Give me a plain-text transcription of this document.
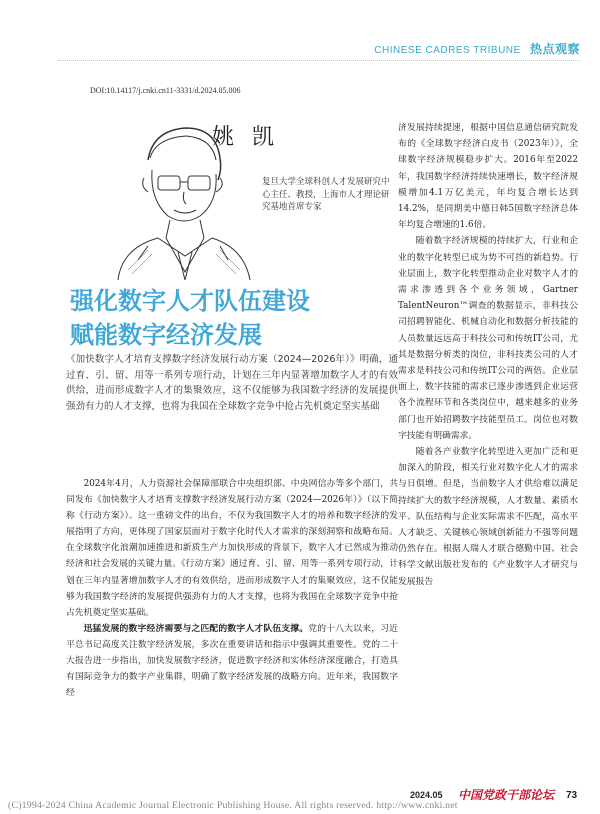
CHINESE CADRES TRIBUNE 热点观察
DOI:10.14117/j.cnki.cn11-3331/d.2024.05.006
姚凯
复旦大学全球科创人才发展研究中心主任、教授，上海市人才理论研究基地首席专家
强化数字人才队伍建设
赋能数字经济发展
《加快数字人才培育支撑数字经济发展行动方案（2024—2026年）》明确，通过育、引、留、用等一系列专项行动，计划在三年内显著增加数字人才的有效供给，进而形成数字人才的集聚效应，这不仅能够为我国数字经济的发展提供强劲有力的人才支撑，也将为我国在全球数字竞争中抢占先机奠定坚实基础

2024年4月，人力资源社会保障部联合中央组织部、中央网信办等多个部门，共同发布《加快数字人才培育支撑数字经济发展行动方案（2024—2026年）》（以下简称《行动方案》）。这一重磅文件的出台，不仅为我国数字人才的培养和数字经济的发展指明了方向，更体现了国家层面对于数字化时代人才需求的深刻洞察和战略布局。在全球数字化浪潮加速推进和新质生产力加快形成的背景下，数字人才已然成为推动经济和社会发展的关键力量。《行动方案》通过育、引、留、用等一系列专项行动，计划在三年内显著增加数字人才的有效供给，进而形成数字人才的集聚效应，这不仅能够为我国数字经济的发展提供强劲有力的人才支撑，也将为我国在全球数字竞争中抢占先机奠定坚实基础。

迅猛发展的数字经济需要与之匹配的数字人才队伍支撑。党的十八大以来，习近平总书记高度关注数字经济发展，多次在重要讲话和指示中强调其重要性。党的二十大报告进一步指出，加快发展数字经济，促进数字经济和实体经济深度融合，打造具有国际竞争力的数字产业集群，明确了数字经济发展的战略方向。近年来，我国数字经

济发展持续提速，根据中国信息通信研究院发布的《全球数字经济白皮书（2023年）》，全球数字经济规模稳步扩大。2016年至2022年，我国数字经济持续快速增长，数字经济规模增加4.1万亿美元，年均复合增长达到14.2%，是同期美中德日韩5国数字经济总体年均复合增速的1.6倍。

随着数字经济规模的持续扩大，行业和企业的数字化转型已成为势不可挡的新趋势。行业层面上，数字化转型推动企业对数字人才的需求渗透到各个业务领域，Gartner TalentNeuron™调查的数据显示，非科技公司招聘智能化、机械自动化和数据分析技能的人员数量远远高于科技公司和传统IT公司，尤其是数据分析类的岗位，非科技类公司的人才需求是科技公司和传统IT公司的两倍。企业层面上，数字技能的需求已逐步渗透到企业运营各个流程环节和各类岗位中，越来越多的业务部门也开始招聘数字技能型员工。岗位也对数字技能有明确需求。

随着各产业数字化转型进入更加广泛和更加深入的阶段，相关行业对数字化人才的需求与日俱增。但是，当前数字人才供给难以满足持续扩大的数字经济规模，人才数量、素质水平、队伍结构与企业实际需求不匹配，高水平人才缺乏、关键核心领域创新能力不强等问题仍然存在。根据人瑞人才联合德勤中国、社会科学文献出版社发布的《产业数字人才研究与发展报告

2024.05 中国党政干部论坛 73
(C)1994-2024 China Academic Journal Electronic Publishing House. All rights reserved. http://www.cnki.net
